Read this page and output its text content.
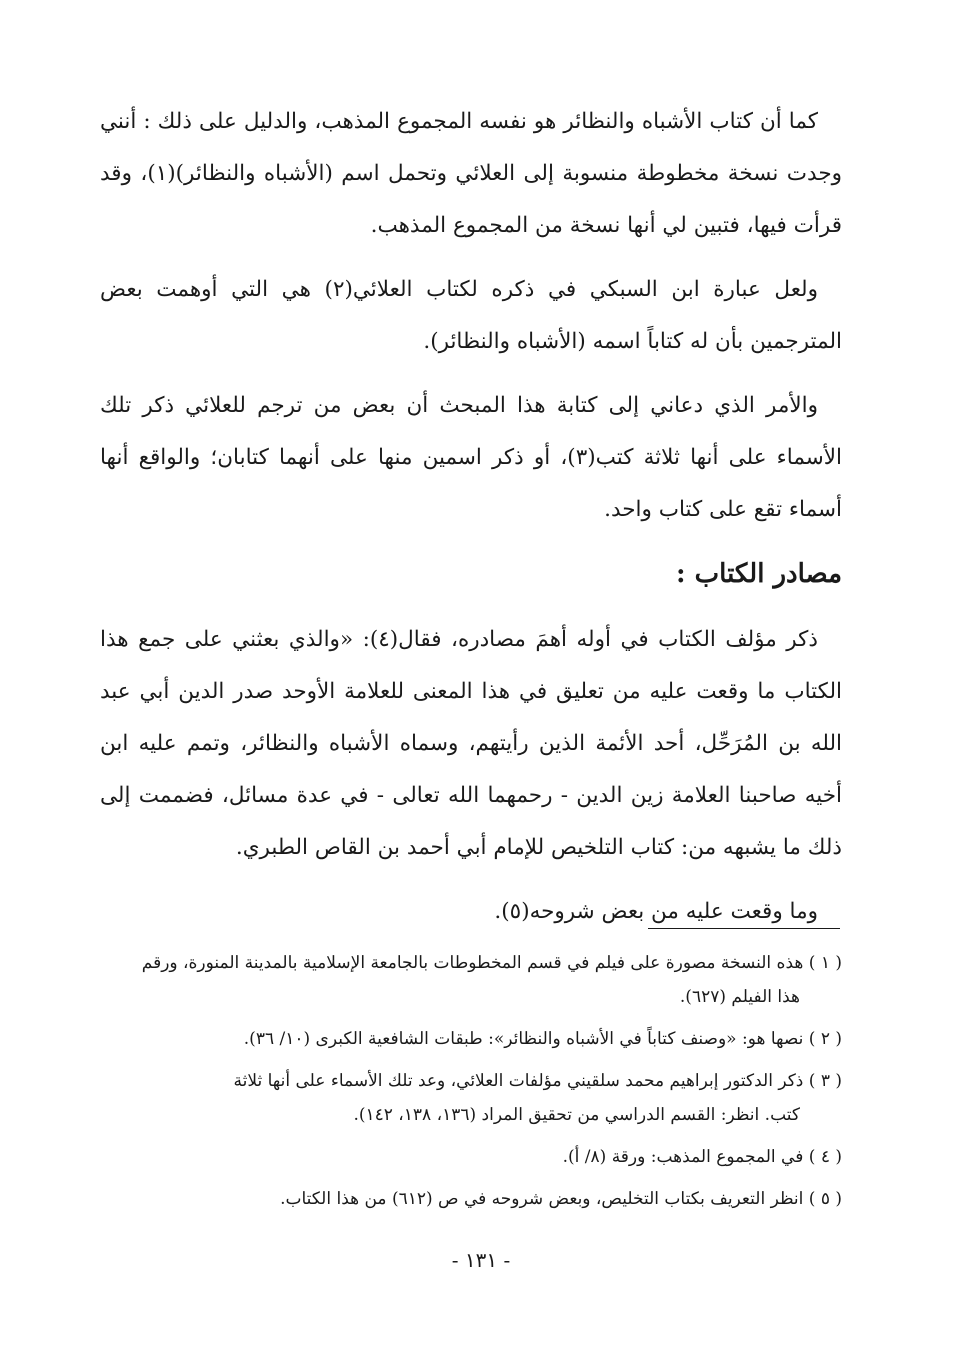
كما أن كتاب الأشباه والنظائر هو نفسه المجموع المذهب، والدليل على ذلك : أنني وجدت نسخة مخطوطة منسوبة إلى العلائي وتحمل اسم (الأشباه والنظائر)(١)، وقد قرأت فيها، فتبين لي أنها نسخة من المجموع المذهب.

ولعل عبارة ابن السبكي في ذكره لكتاب العلائي(٢) هي التي أوهمت بعض المترجمين بأن له كتاباً اسمه (الأشباه والنظائر).

والأمر الذي دعاني إلى كتابة هذا المبحث أن بعض من ترجم للعلائي ذكر تلك الأسماء على أنها ثلاثة كتب(٣)، أو ذكر اسمين منها على أنهما كتابان؛ والواقع أنها أسماء تقع على كتاب واحد.

مصادر الكتاب :

ذكر مؤلف الكتاب في أوله أهمَ مصادره، فقال(٤): «والذي بعثني على جمع هذا الكتاب ما وقعت عليه من تعليق في هذا المعنى للعلامة الأوحد صدر الدين أبي عبد الله بن المُرَحِّل، أحد الأئمة الذين رأيتهم، وسماه الأشباه والنظائر، وتمم عليه ابن أخيه صاحبنا العلامة زين الدين - رحمهما الله تعالى - في عدة مسائل، فضممت إلى ذلك ما يشبهه من: كتاب التلخيص للإمام أبي أحمد بن القاص الطبري.

وما وقعت عليه من بعض شروحه(٥).

( ١ ) هذه النسخة مصورة على فيلم في قسم المخطوطات بالجامعة الإسلامية بالمدينة المنورة، ورقم
هذا الفيلم (٦٢٧).
( ٢ ) نصها هو: «وصنف كتاباً في الأشباه والنظائر»: طبقات الشافعية الكبرى (١٠/ ٣٦).
( ٣ ) ذكر الدكتور إبراهيم محمد سلقيني مؤلفات العلائي، وعد تلك الأسماء على أنها ثلاثة
كتب. انظر: القسم الدراسي من تحقيق المراد (١٣٦، ١٣٨، ١٤٢).
( ٤ ) في المجموع المذهب: ورقة (٨/ أ).
( ٥ ) انظر التعريف بكتاب التخليص، وبعض شروحه في ص (٦١٢) من هذا الكتاب.
- ١٣١ -
